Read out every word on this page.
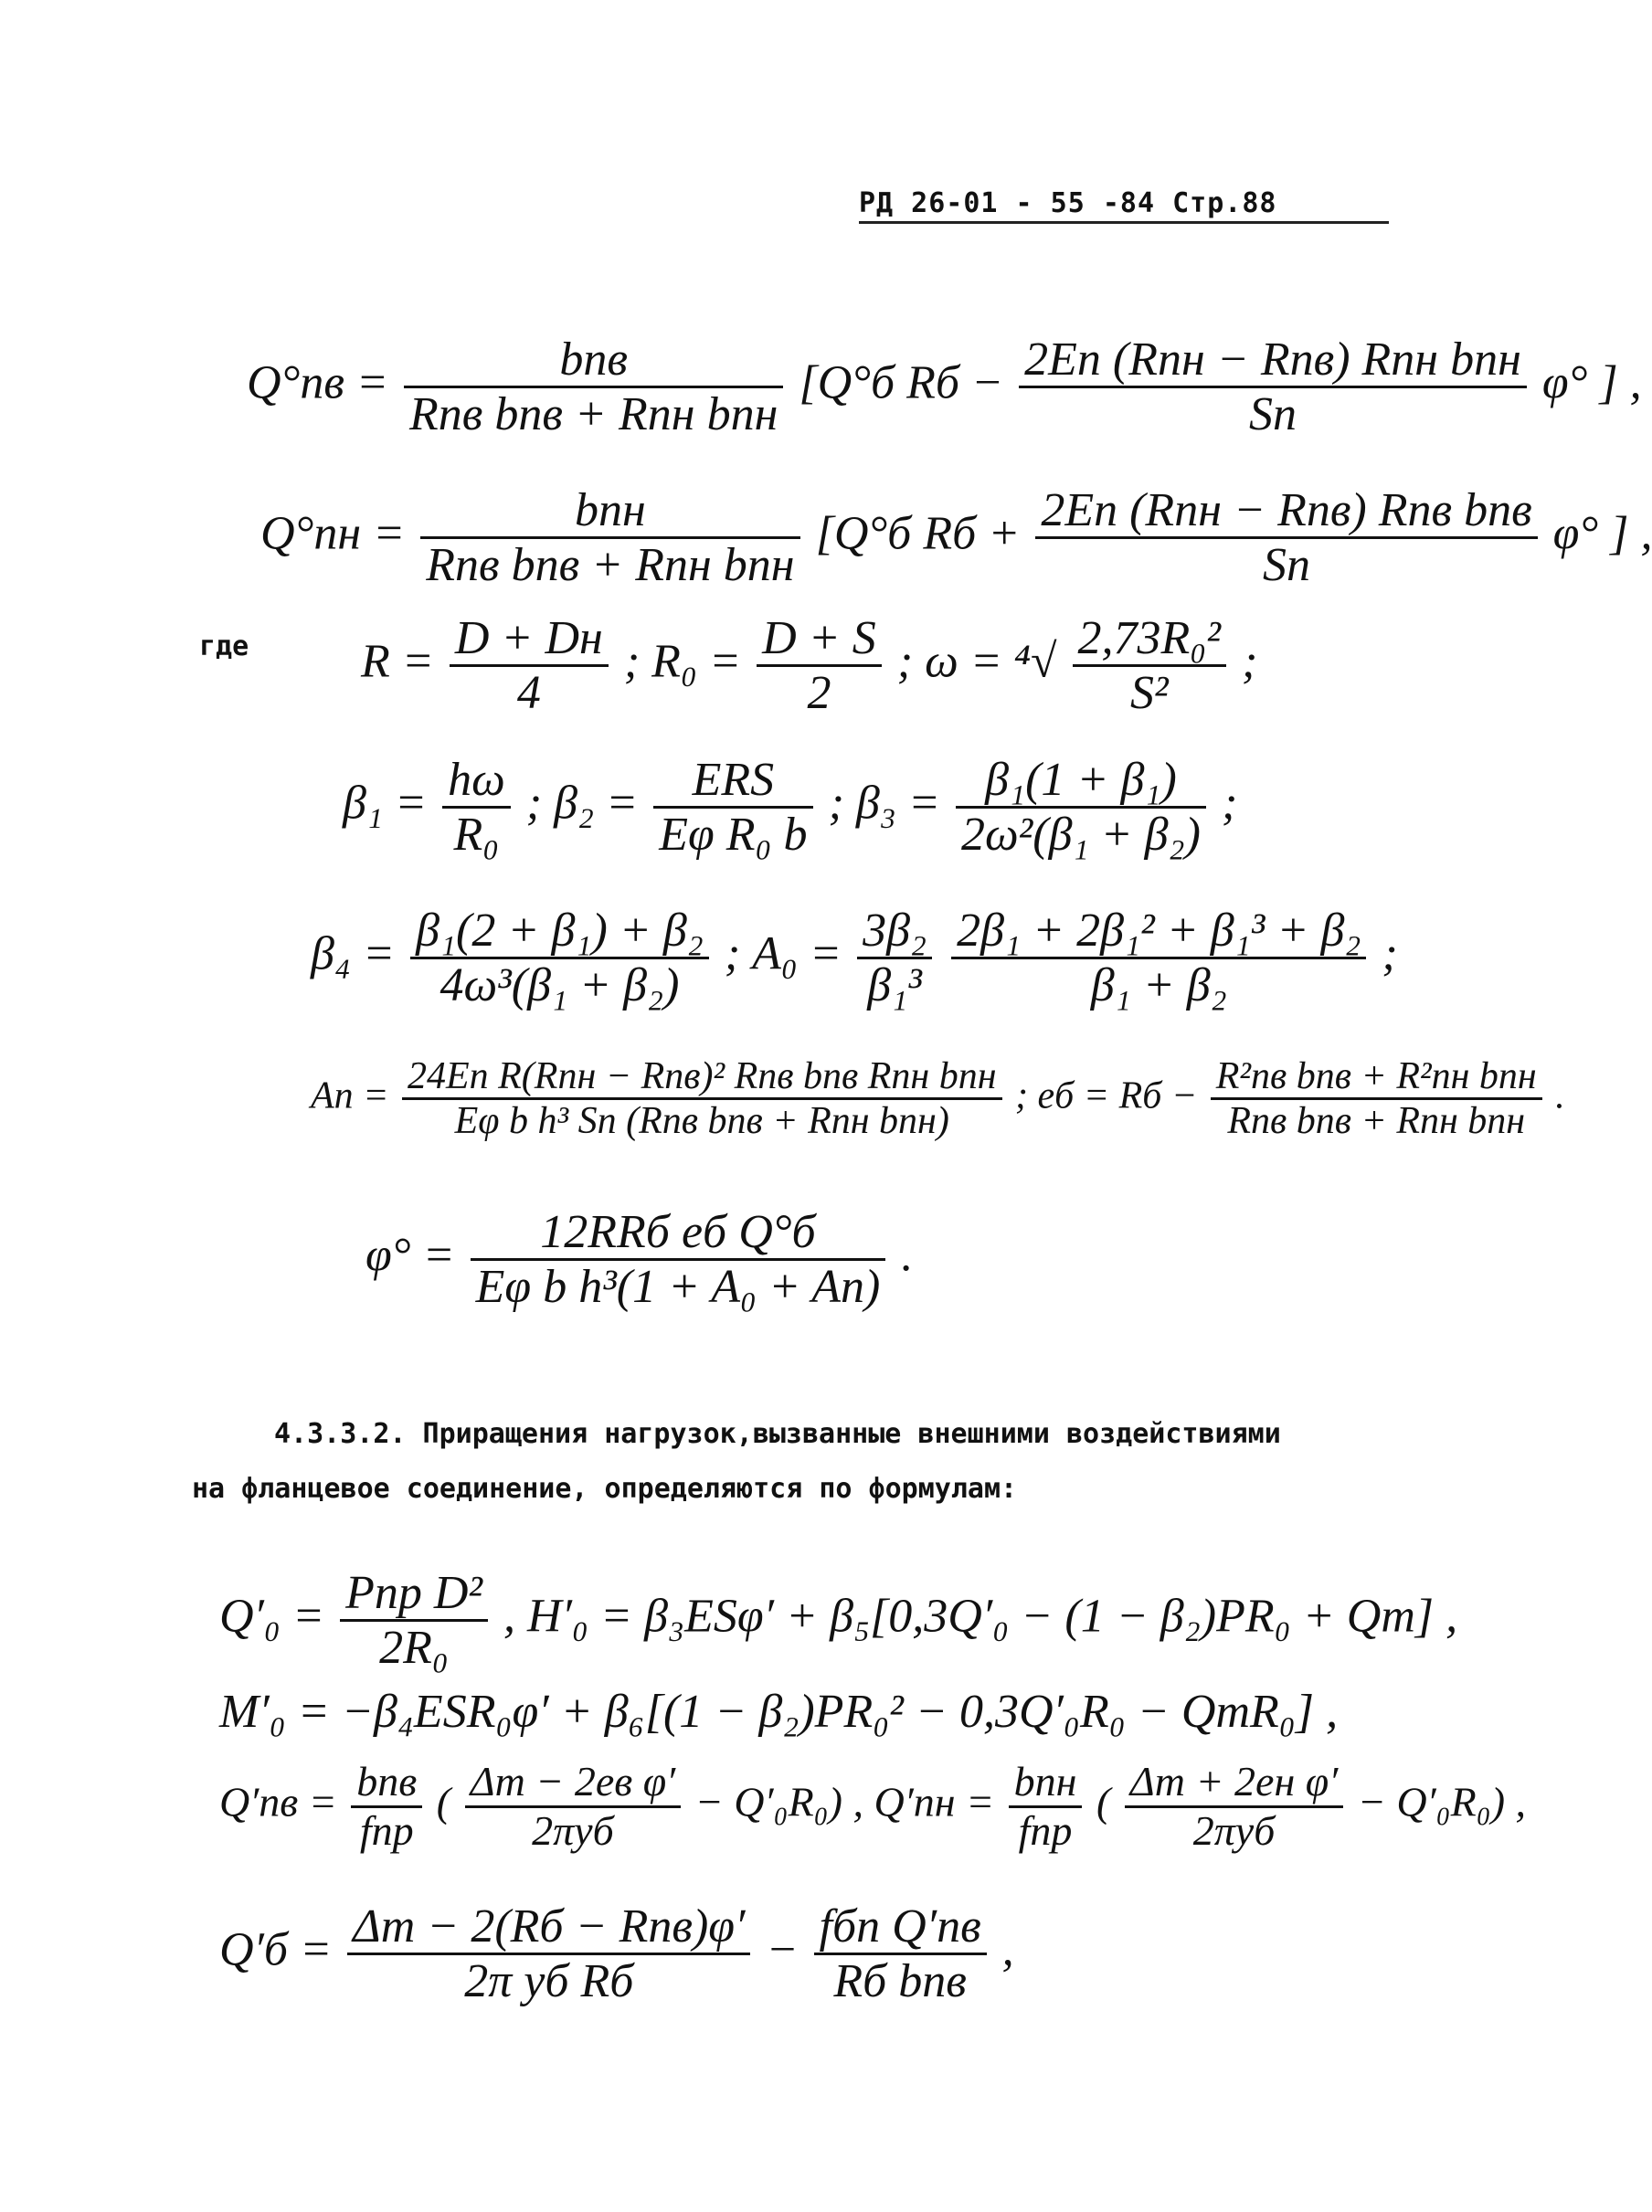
РД 26-01 - 55 -84 Стр.88
$Q^\circ пв = \frac{\text{bпв}}{\text{Rпв bпв + Rпн bпн}} [Q^\circ б$ Rб − $\frac{\text{2Eп (Rпн − Rпв) Rпн bпн}}{Sп} \varphi^\circ$ ] ,
$Q^\circ пн = \frac{\text{bпн}}{\text{Rпв bпв + Rпн bпн}} [Q^\circ б$ Rб + $\frac{\text{2Eп (Rпн − Rпв) Rпв bпв}}{Sп} \varphi^\circ$ ] ,
где $R = \frac{D + Dн}{4}$ ; $R_0 = \frac{D + S}{2}$ ; $\omega = ^4√ \frac{\text{2,73R₀²}}{\text{S²}}$ ;
$\beta_1 = \frac{h\omega}{\text{R₀}}$ ; $\beta_2 = \frac{\text{ERS}}{\text{Eφ R₀ b}}$ ; $\beta_3 = \frac{\text{β₁(1 + β₁)}}{\text{2ω²(β₁ + β₂)}}$ ;
$\beta_4 = \frac{\text{β₁(2 + β₁) + β₂}}{\text{4ω³(β₁ + β₂)}}$ ; $A_0 = \frac{\text{3β₂}}{\text{β₁³}}$
$\frac{\text{2β₁ + 2β₁² + β₁³ + β₂}}{\text{β₁ + β₂}}$ ;
Aп = $\frac{\text{24Eп R(Rпн − Rпв)² Rпв bпв Rпн bпн}}{\text{Eφ b h³ Sп (Rпв bпв + Rпн bпн)}}$ ; eб = Rб − $\frac{\text{R²пв bпв + R²пн bпн}}{\text{Rпв bпв + Rпн bпн}}$ .
$\varphi^\circ = \frac{\text{12RRб eб Q°б}}{\text{Eφ b h³(1 + A₀ + Aп)}}$ .
4.3.3.2. Приращения нагрузок,вызванные внешними воздействиями
на фланцевое соединение, определяются по формулам:
$Q'_0 = \frac{\text{Pпр D²}}{\text{2R₀}}$ , H′₀ = β₃ESφ′ + β₅[0,3Q′₀ − (1 − β₂)PR₀ + Qт] ,
M′₀ = −β₄ESR₀φ′ + β₆[(1 − β₂)PR₀² − 0,3Q′₀R₀ − QтR₀] ,
$Q'пв = \frac{\text{bпв}}{\text{fпр}}$ ( $\frac{\text{Δт − 2eв φ′}}{\text{2πyб}} - Q'_0R_0$) , $Q'пн = \frac{\text{bпн}}{\text{fпр}}$ ( $\frac{\text{Δт + 2eн φ′}}{\text{2πyб}} - Q'_0R_0$) ,
$Q'б = \frac{\text{Δт − 2(Rб − Rпв)φ′}}{\text{2π yб Rб}} - \frac{\text{fбп Q′пв}}{\text{Rб bпв}}$ ,
